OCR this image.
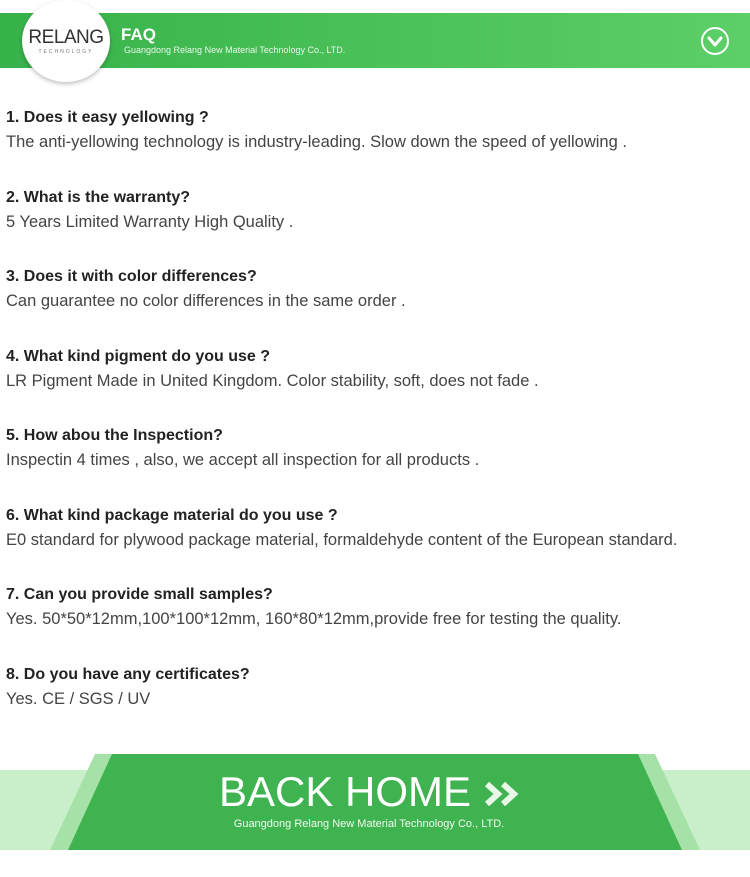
RELANG
TECHNOLOGY
FAQ
Guangdong Relang New Material Technology Co., LTD.
1. Does it easy yellowing ?
The anti-yellowing technology is industry-leading. Slow down the speed of yellowing .
2. What is the warranty?
5 Years Limited Warranty High Quality .
3. Does it with color differences?
Can guarantee no color differences in the same order .
4. What kind pigment do you use ?
LR Pigment Made in United Kingdom. Color stability, soft, does not fade .
5. How abou the Inspection?
Inspectin 4 times , also, we accept all inspection for all products .
6. What kind package material do you use ?
E0 standard for plywood package material, formaldehyde content of the European standard.
7. Can you provide small samples?
Yes. 50*50*12mm,100*100*12mm, 160*80*12mm,provide free for testing the quality.
8. Do you have any certificates?
Yes. CE / SGS / UV
BACK HOME
Guangdong Relang New Material Technology Co., LTD.
